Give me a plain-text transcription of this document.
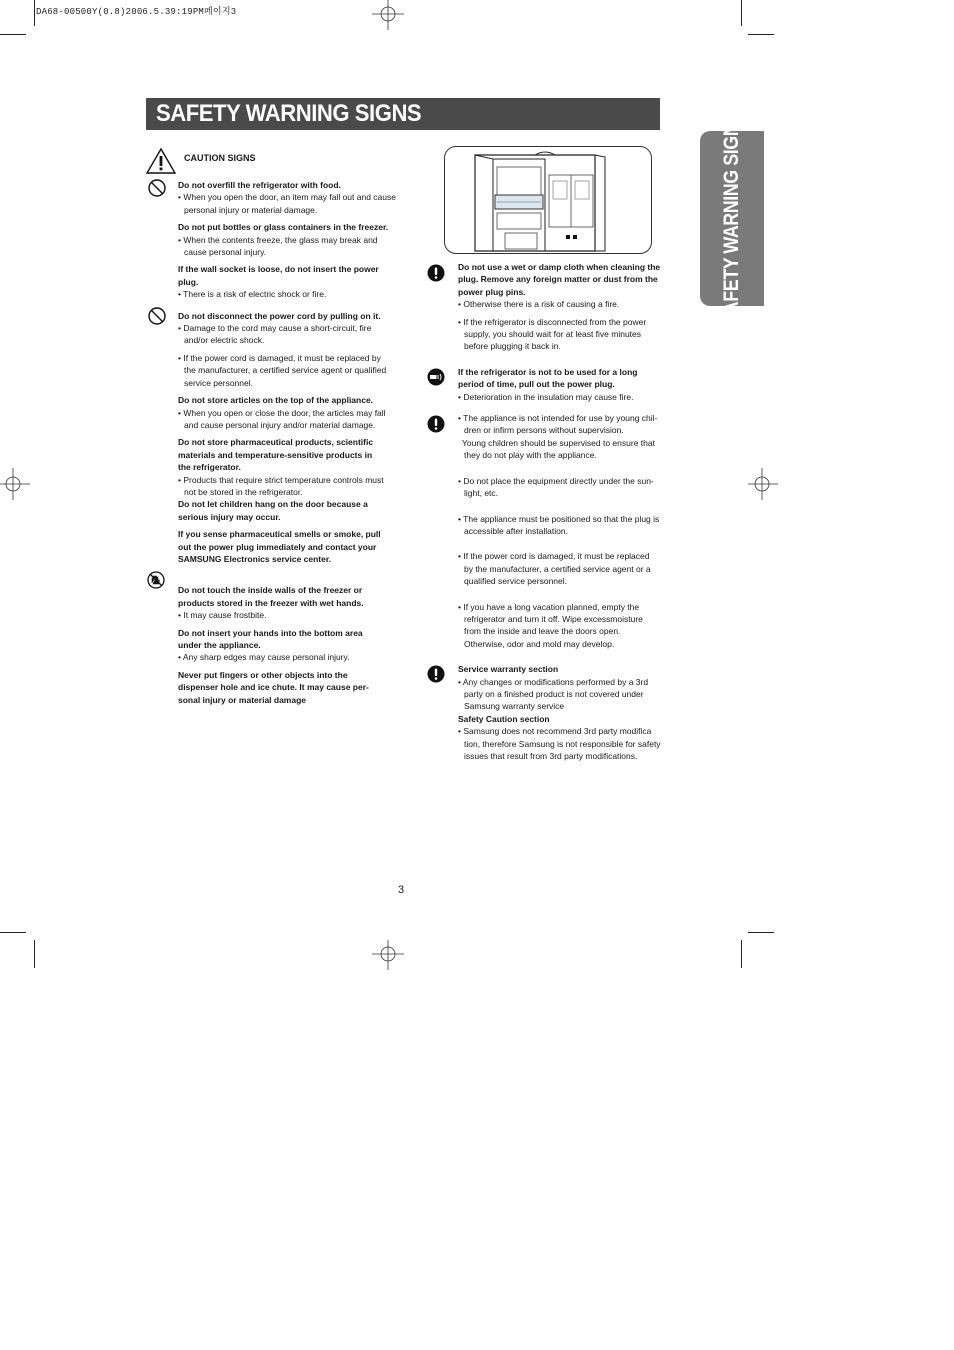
DA68-00500Y(0.8)2006.5.39:19PM페이지3
SAFETY WARNING SIGNS	SAFETY WARNING SIGNS
CAUTION SIGNS

Do not overfill the refrigerator with food.

• When you open the door, an item may fall out and cause

personal injury or material damage.

Do not put bottles or glass containers in the freezer.

• When the contents freeze, the glass may break and

cause personal injury.

If the wall socket is loose, do not insert the power

plug.

• There is a risk of electric shock or fire.

Do not disconnect the power cord by pulling on it.

• Damage to the cord may cause a short-circuit, fire

and/or electric shock.

• If the power cord is damaged, it must be replaced by

the manufacturer, a certified service agent or qualified

service personnel.

Do not store articles on the top of the appliance.

• When you open or close the door, the articles may fall

and cause personal injury and/or material damage.

Do not store pharmaceutical products, scientific

materials and temperature-sensitive products in

the refrigerator.

• Products that require strict temperature controls must

not be stored in the refrigerator.

Do not let children hang on the door because a

serious injury may occur.

If you sense pharmaceutical smells or smoke, pull

out the power plug immediately and contact your

SAMSUNG Electronics service center.

Do not touch the inside walls of the freezer or

products stored in the freezer with wet hands.

• It may cause frostbite.

Do not insert your hands into the bottom area

under the appliance.

• Any sharp edges may cause personal injury.

Never put fingers or other objects into the

dispenser hole and ice chute. It may cause per-

sonal injury or material damage

Do not use a wet or damp cloth when cleaning the

plug. Remove any foreign matter or dust from the

power plug pins.

• Otherwise there is a risk of causing a fire.

• If the refrigerator is disconnected from the power

supply, you should wait for at least five minutes

before plugging it back in.

If the refrigerator is not to be used for a long

period of time, pull out the power plug.

• Deterioration in the insulation may cause fire.

• The appliance is not intended for use by young chil-

dren or infirm persons without supervision.

Young children should be supervised to ensure that

they do not play with the appliance.

• Do not place the equipment directly under the sun-

light, etc.

• The appliance must be positioned so that the plug is

accessible after installation.

• If the power cord is damaged, it must be replaced

by the manufacturer, a certified service agent or a

qualified service personnel.

• If you have a long vacation planned, empty the

refrigerator and turn it off. Wipe excessmoisture

from the inside and leave the doors open.

Otherwise, odor and mold may develop.

Service warranty section

• Any changes or modifications performed by a 3rd

party on a finished product is not covered under

Samsung warranty service

Safety Caution section

• Samsung does not recommend 3rd party modifica

tion, therefore Samsung is not responsible for safety

issues that result from 3rd party modifications.

3
